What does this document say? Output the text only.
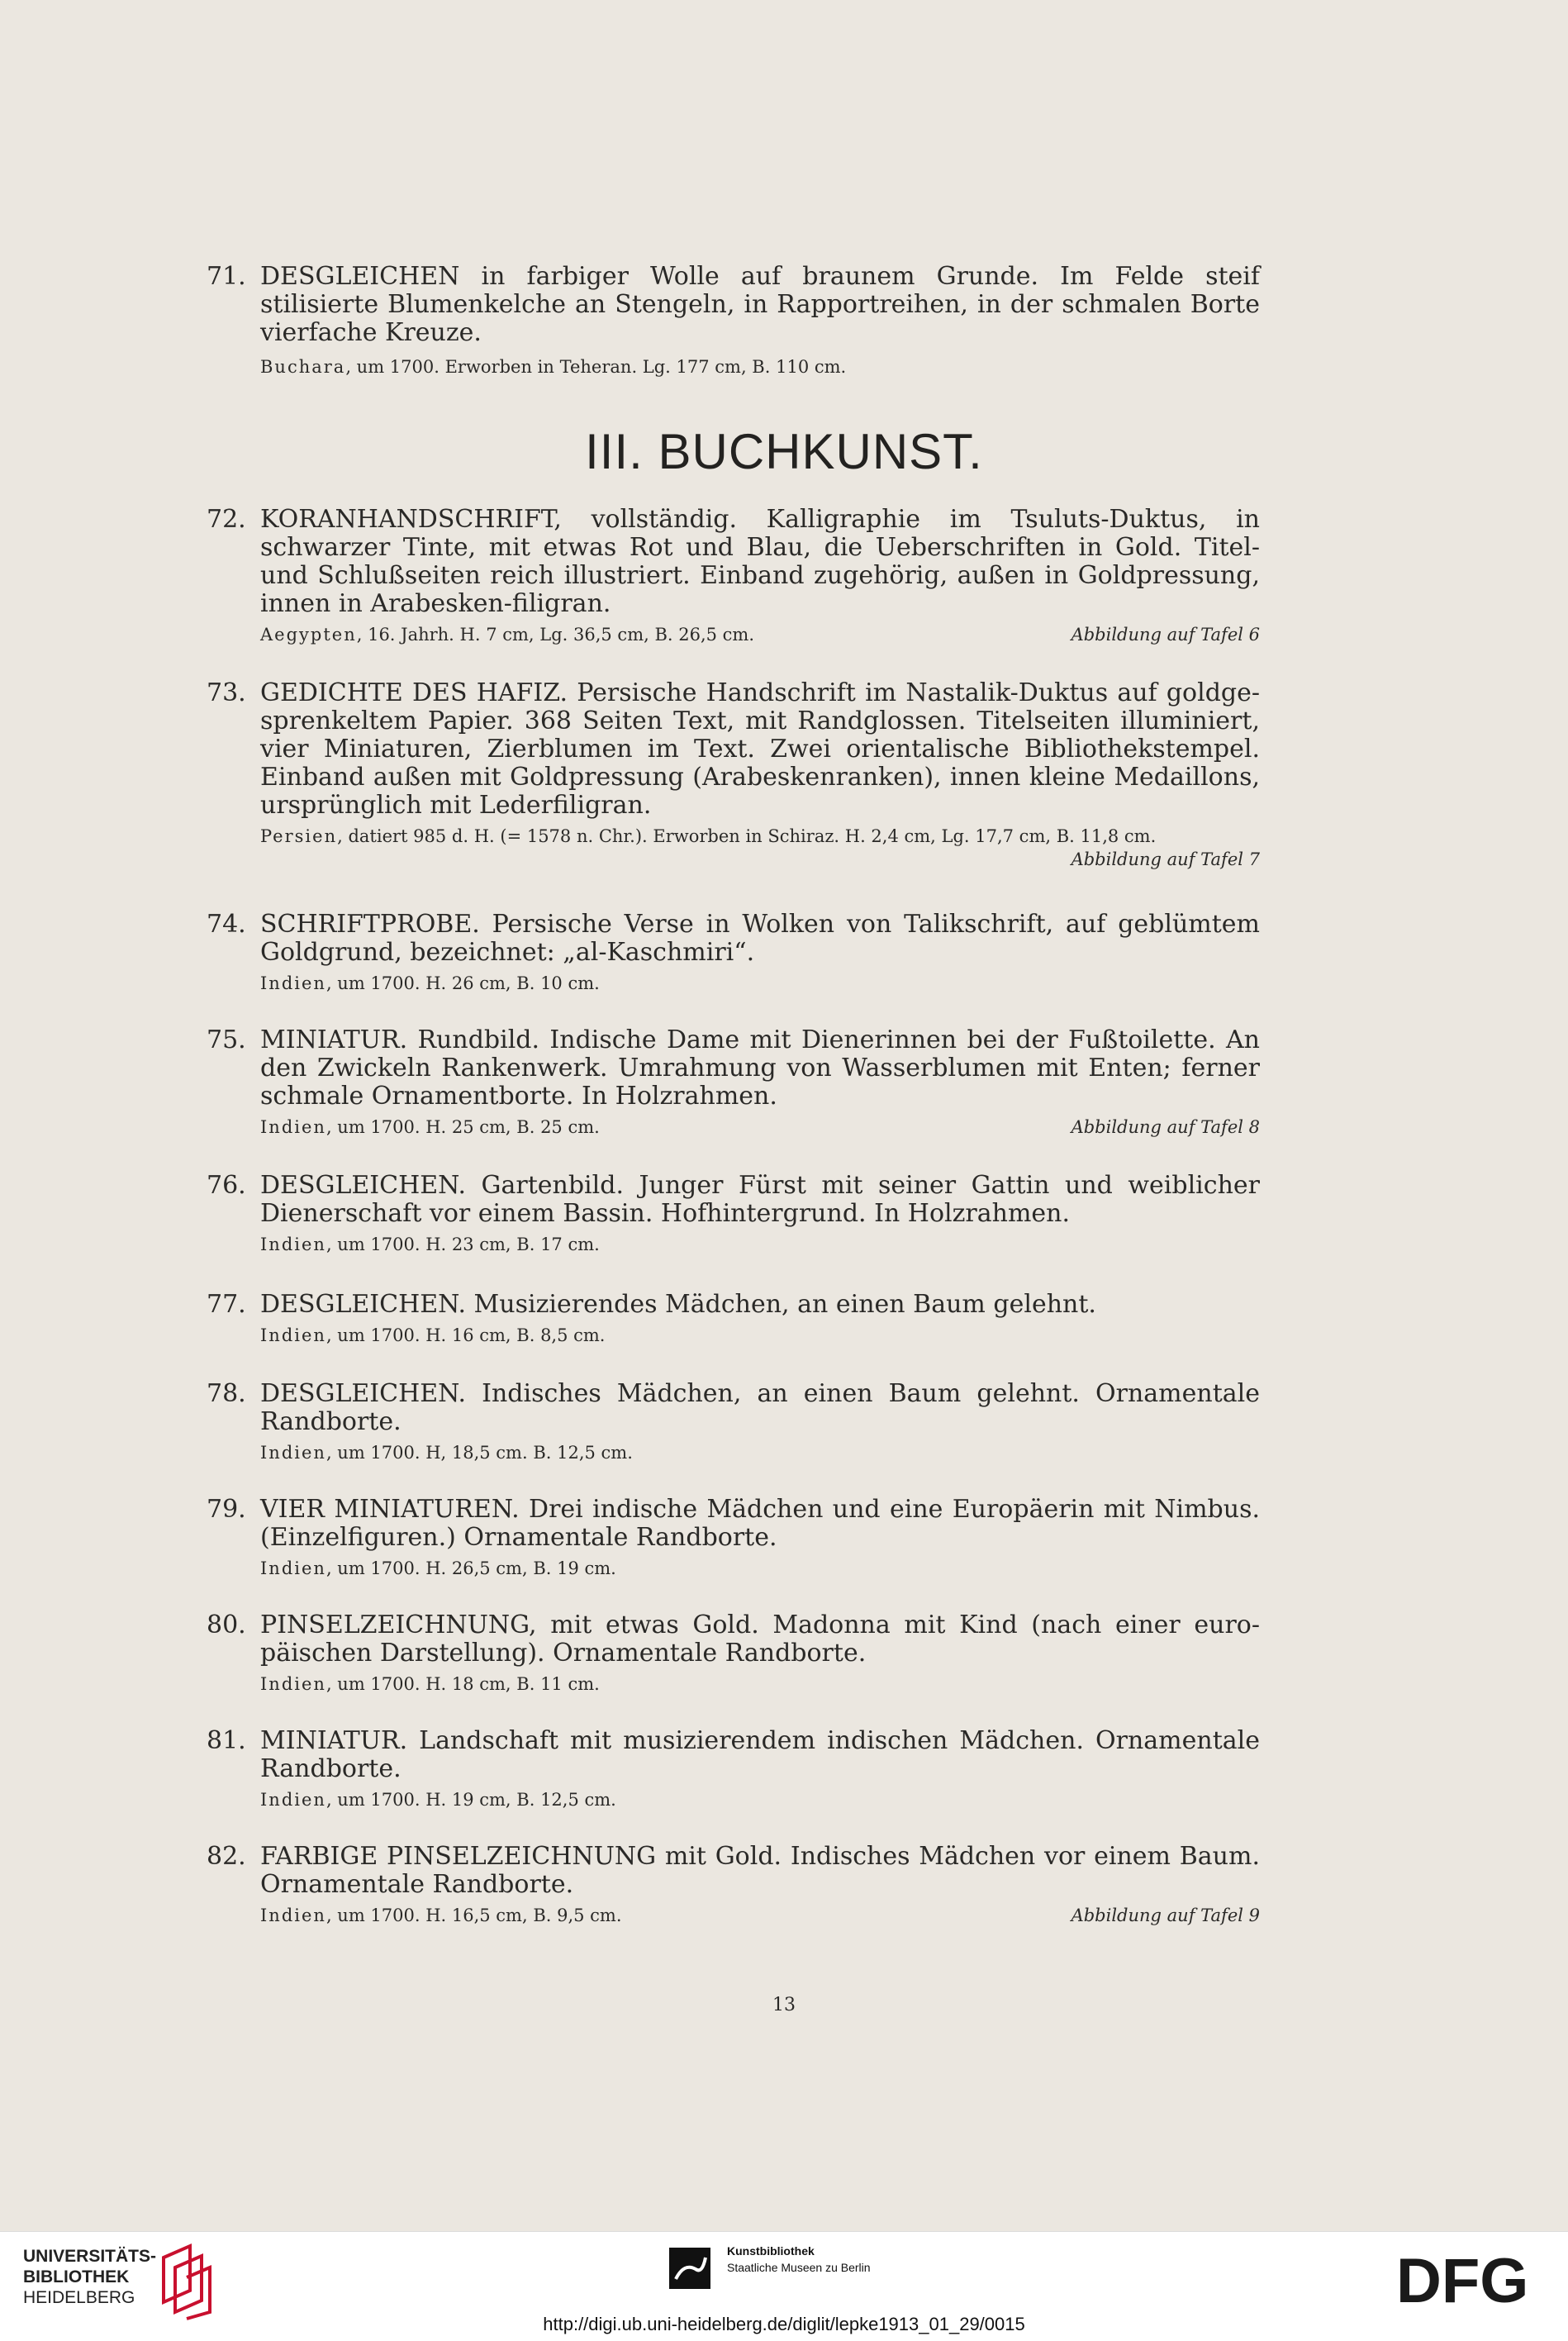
71. DESGLEICHEN in farbiger Wolle auf braunem Grunde. Im Felde steif stilisierte Blumenkelche an Stengeln, in Rapportreihen, in der schmalen Borte vierfache Kreuze.
Buchara, um 1700. Erworben in Teheran. Lg. 177 cm, B. 110 cm.
III. BUCHKUNST.
72. KORANHANDSCHRIFT, vollständig. Kalligraphie im Tsuluts-Duktus, in schwarzer Tinte, mit etwas Rot und Blau, die Ueberschriften in Gold. Titel- und Schlußseiten reich illustriert. Einband zugehörig, außen in Goldpressung, innen in Arabesken-filigran.
Aegypten, 16. Jahrh. H. 7 cm, Lg. 36,5 cm, B. 26,5 cm.	Abbildung auf Tafel 6
73. GEDICHTE DES HAFIZ. Persische Handschrift im Nastalik-Duktus auf goldge-sprenkeltem Papier. 368 Seiten Text, mit Randglossen. Titelseiten illuminiert, vier Miniaturen, Zierblumen im Text. Zwei orientalische Bibliothekstempel. Einband außen mit Goldpressung (Arabeskenranken), innen kleine Medaillons, ursprünglich mit Lederfiligran.
Persien, datiert 985 d. H. (= 1578 n. Chr.). Erworben in Schiraz. H. 2,4 cm, Lg. 17,7 cm, B. 11,8 cm.
Abbildung auf Tafel 7
74. SCHRIFTPROBE. Persische Verse in Wolken von Talikschrift, auf geblümtem Goldgrund, bezeichnet: „al-Kaschmiri“.
Indien, um 1700. H. 26 cm, B. 10 cm.
75. MINIATUR. Rundbild. Indische Dame mit Dienerinnen bei der Fußtoilette. An den Zwickeln Rankenwerk. Umrahmung von Wasserblumen mit Enten; ferner schmale Ornamentborte. In Holzrahmen.
Indien, um 1700. H. 25 cm, B. 25 cm.	Abbildung auf Tafel 8
76. DESGLEICHEN. Gartenbild. Junger Fürst mit seiner Gattin und weiblicher Dienerschaft vor einem Bassin. Hofhintergrund. In Holzrahmen.
Indien, um 1700. H. 23 cm, B. 17 cm.
77. DESGLEICHEN. Musizierendes Mädchen, an einen Baum gelehnt.
Indien, um 1700. H. 16 cm, B. 8,5 cm.
78. DESGLEICHEN. Indisches Mädchen, an einen Baum gelehnt. Ornamentale Randborte.
Indien, um 1700. H, 18,5 cm. B. 12,5 cm.
79. VIER MINIATUREN. Drei indische Mädchen und eine Europäerin mit Nimbus. (Einzelfiguren.) Ornamentale Randborte.
Indien, um 1700. H. 26,5 cm, B. 19 cm.
80. PINSELZEICHNUNG, mit etwas Gold. Madonna mit Kind (nach einer euro-päischen Darstellung). Ornamentale Randborte.
Indien, um 1700. H. 18 cm, B. 11 cm.
81. MINIATUR. Landschaft mit musizierendem indischen Mädchen. Ornamentale Randborte.
Indien, um 1700. H. 19 cm, B. 12,5 cm.
82. FARBIGE PINSELZEICHNUNG mit Gold. Indisches Mädchen vor einem Baum. Ornamentale Randborte.
Indien, um 1700. H. 16,5 cm, B. 9,5 cm.	Abbildung auf Tafel 9
13
UNIVERSITÄTS-
BIBLIOTHEK
HEIDELBERG
Kunstbibliothek
Staatliche Museen zu Berlin	DFG
http://digi.ub.uni-heidelberg.de/diglit/lepke1913_01_29/0015
